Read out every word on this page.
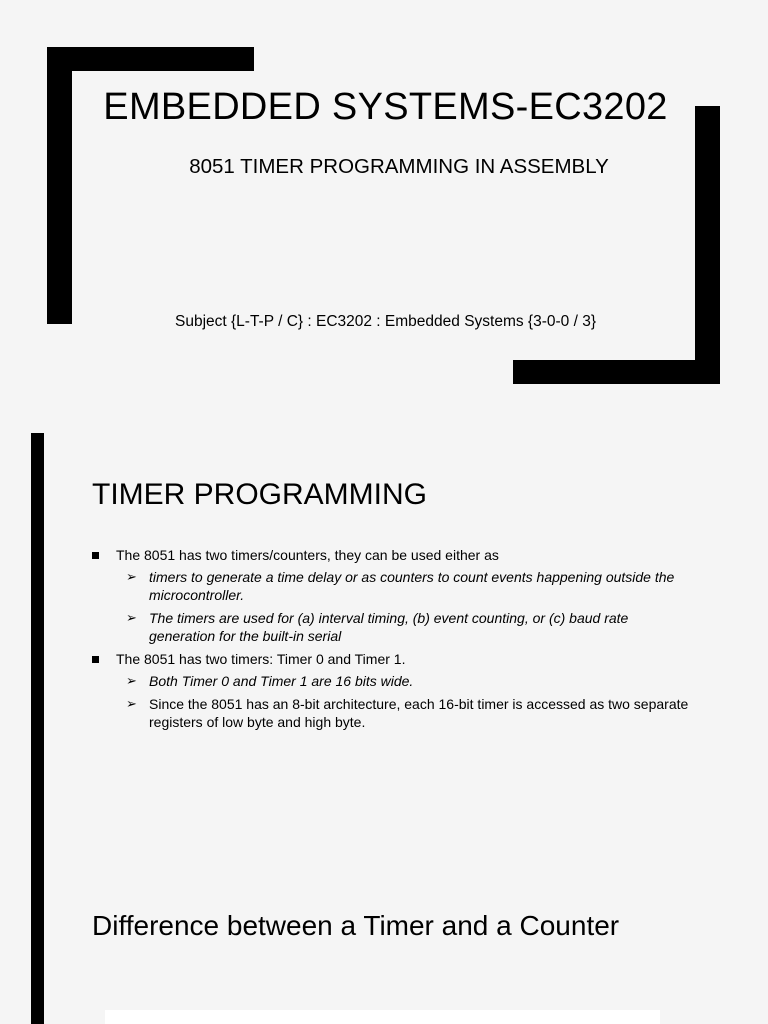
EMBEDDED SYSTEMS-EC3202
8051 TIMER PROGRAMMING IN ASSEMBLY
Subject {L-T-P / C} : EC3202 : Embedded Systems {3-0-0 / 3}
TIMER PROGRAMMING
The 8051 has two timers/counters, they can be used either as
➢ timers to generate a time delay or as counters to count events happening outside the microcontroller.
➢ The timers are used for (a) interval timing, (b) event counting, or (c) baud rate generation for the built-in serial
The 8051 has two timers: Timer 0 and Timer 1.
➢ Both Timer 0 and Timer 1 are 16 bits wide.
➢ Since the 8051 has an 8-bit architecture, each 16-bit timer is accessed as two separate registers of low byte and high byte.
Difference between a Timer and a Counter
